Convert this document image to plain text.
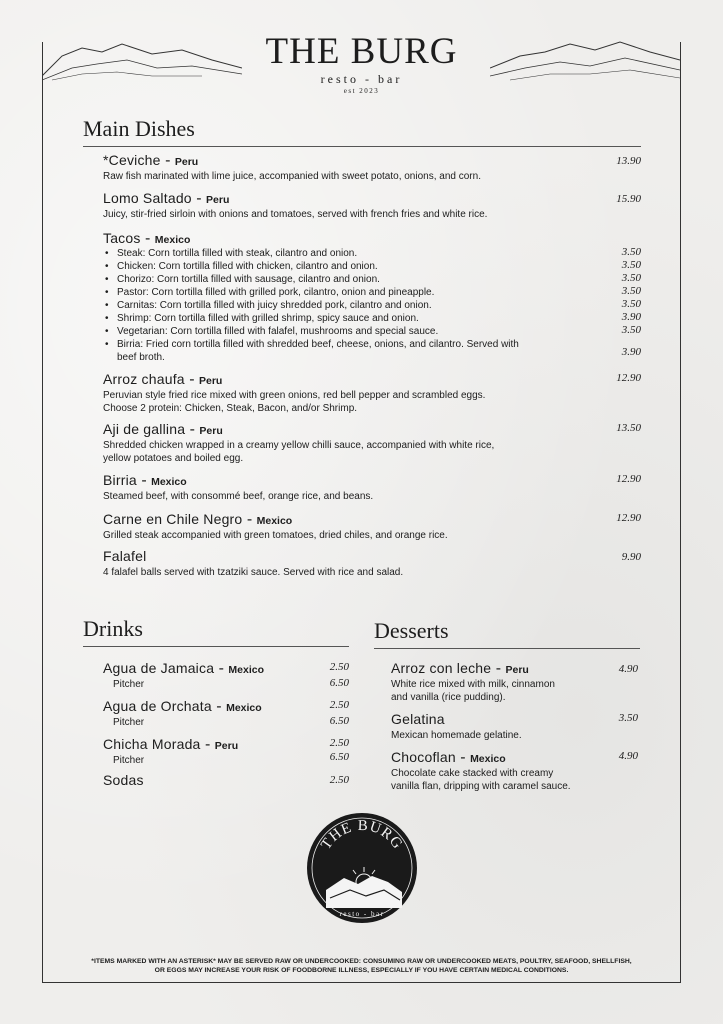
THE BURG
resto - bar
est 2023
Main Dishes
*Ceviche - Peru
Raw fish marinated with lime juice, accompanied with sweet potato, onions, and corn.
13.90
Lomo Saltado - Peru
Juicy, stir-fried sirloin with onions and tomatoes, served with french fries and white rice.
15.90
Tacos - Mexico
• Steak: Corn tortilla filled with steak, cilantro and onion.
• Chicken: Corn tortilla filled with chicken, cilantro and onion.
• Chorizo: Corn tortilla filled with sausage, cilantro and onion.
• Pastor: Corn tortilla filled with grilled pork, cilantro, onion and pineapple.
• Carnitas: Corn tortilla filled with juicy shredded pork, cilantro and onion.
• Shrimp: Corn tortilla filled with grilled shrimp, spicy sauce and onion.
• Vegetarian: Corn tortilla filled with falafel, mushrooms and special sauce.
• Birria: Fried corn tortilla filled with shredded beef, cheese, onions, and cilantro. Served with
beef broth.
3.50
3.50
3.50
3.50
3.50
3.90
3.50
3.90
Arroz chaufa - Peru
Peruvian style fried rice mixed with green onions, red bell pepper and scrambled eggs.
Choose 2 protein: Chicken, Steak, Bacon, and/or Shrimp.
12.90
Aji de gallina - Peru
Shredded chicken wrapped in a creamy yellow chilli sauce, accompanied with white rice,
yellow potatoes and boiled egg.
13.50
Birria - Mexico
Steamed beef, with consommé beef, orange rice, and beans.
12.90
Carne en Chile Negro - Mexico
Grilled steak accompanied with green tomatoes, dried chiles, and orange rice.
12.90
Falafel
4 falafel balls served with tzatziki sauce. Served with rice and salad.
9.90
Drinks
Agua de Jamaica - Mexico
Pitcher
2.50
6.50
Agua de Orchata - Mexico
Pitcher
2.50
6.50
Chicha Morada - Peru
Pitcher
2.50
6.50
Sodas	2.50
Desserts
Arroz con leche - Peru
White rice mixed with milk, cinnamon
and vanilla (rice pudding).
4.90
Gelatina
Mexican homemade gelatine.
3.50
Chocoflan - Mexico
Chocolate cake stacked with creamy
vanilla flan, dripping with caramel sauce.
4.90
THE BURG
resto - bar
*ITEMS MARKED WITH AN ASTERISK* MAY BE SERVED RAW OR UNDERCOOKED: CONSUMING RAW OR UNDERCOOKED MEATS, POULTRY, SEAFOOD, SHELLFISH,
OR EGGS MAY INCREASE YOUR RISK OF FOODBORNE ILLNESS, ESPECIALLY IF YOU HAVE CERTAIN MEDICAL CONDITIONS.
